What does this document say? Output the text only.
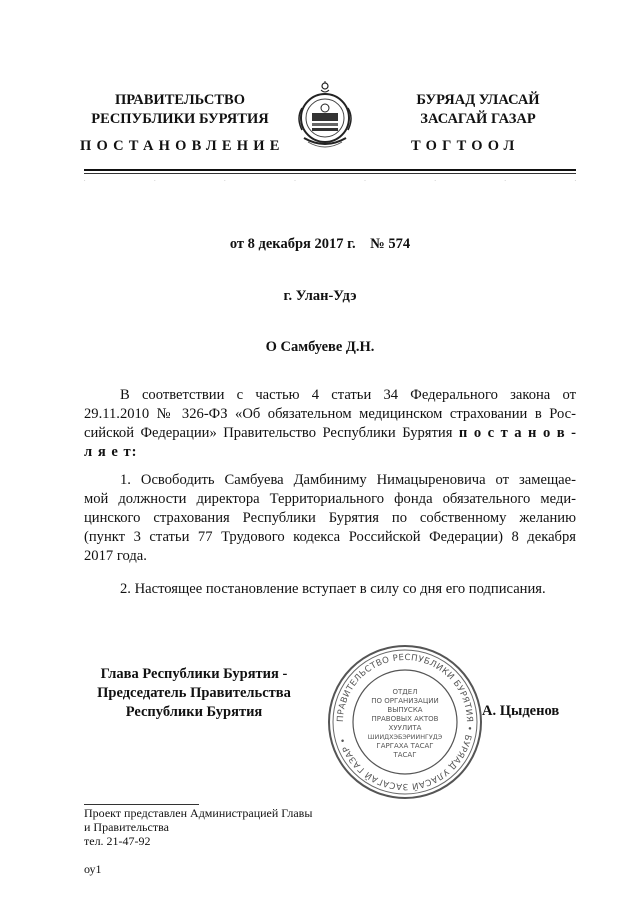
ПРАВИТЕЛЬСТВО
РЕСПУБЛИКИ БУРЯТИЯ
БУРЯАД УЛАСАЙ
ЗАСАГАЙ ГАЗАР
ПОСТАНОВЛЕНИЕ	ТОГТООЛ
.	.	.	.	.	.	.	.
от 8 декабря 2017 г.    № 574
г. Улан-Удэ
О Самбуеве Д.Н.
В соответствии с частью 4 статьи 34 Федерального закона от
29.11.2010 № 326-ФЗ «Об обязательном медицинском страховании в Рос-
сийской Федерации» Правительство Республики Бурятия п о с т а н о в -
л я е т:
1. Освободить Самбуева Дамбиниму Нимацыреновича от замещае-
мой должности директора Территориального фонда обязательного меди-
цинского страхования Республики Бурятия по собственному желанию
(пункт 3 статьи 77 Трудового кодекса Российской Федерации) 8 декабря
2017 года.
2. Настоящее постановление вступает в силу со дня его подписания.
Глава Республики Бурятия -
Председатель Правительства
Республики Бурятия	А. Цыденов
ПРАВИТЕЛЬСТВО РЕСПУБЛИКИ БУРЯТИЯ • БУРЯАД УЛАСАЙ ЗАСАГАЙ ГАЗАР •
ОТДЕЛ
ПО ОРГАНИЗАЦИИ
ВЫПУСКА
ПРАВОВЫХ АКТОВ
ХУУЛИТА
ШИИДХЭБЭРИИНГУДЭ
ГАРГАХА ТАСАГ
ТАСАГ
Проект представлен Администрацией Главы
и Правительства
тел. 21-47-92
оу1
